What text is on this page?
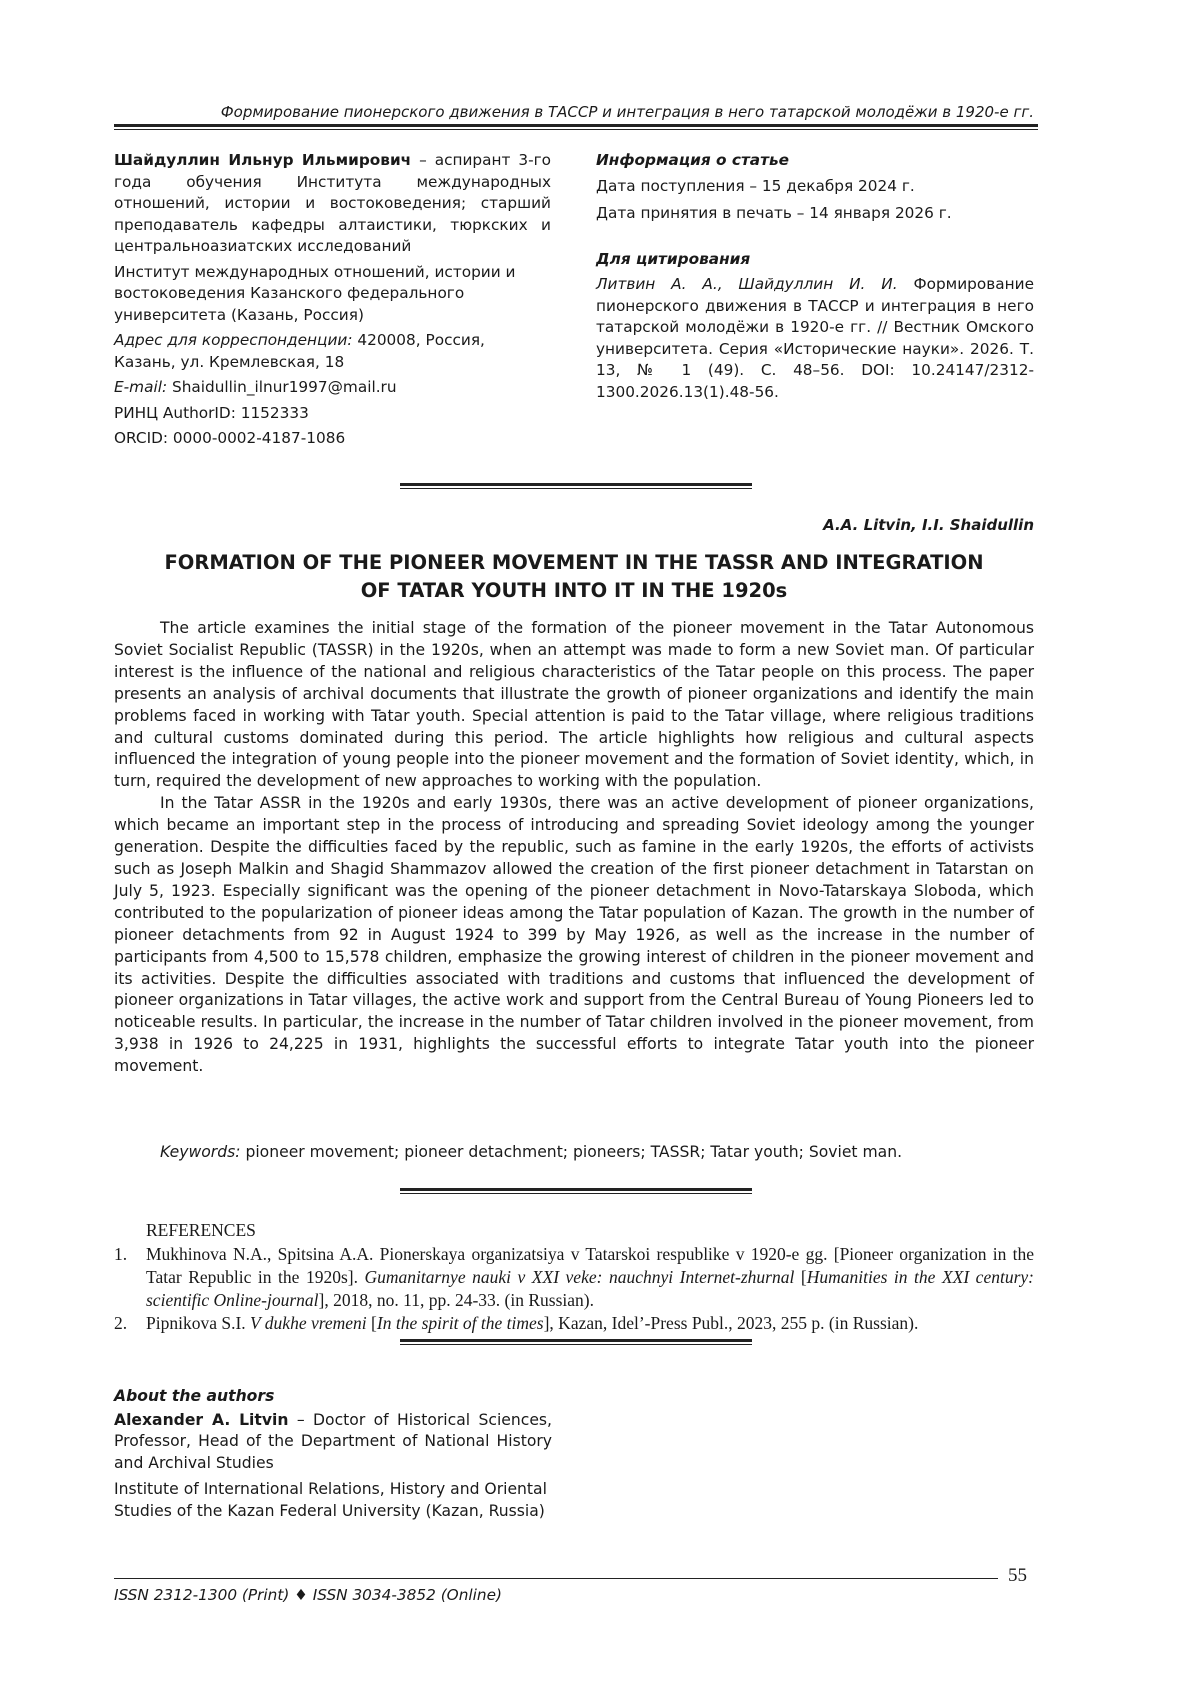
Формирование пионерского движения в ТАССР и интеграция в него татарской молодёжи в 1920-е гг.

Шайдуллин Ильнур Ильмирович – аспирант 3-го года обучения Института международных отношений, истории и востоковедения; старший преподаватель кафедры алтаистики, тюркских и центральноазиатских исследований

Институт международных отношений, истории и востоковедения Казанского федерального университета (Казань, Россия)

Адрес для корреспонденции: 420008, Россия, Казань, ул. Кремлевская, 18

E-mail: Shaidullin_ilnur1997@mail.ru

РИНЦ AuthorID: 1152333

ORCID: 0000-0002-4187-1086

Информация о статье

Дата поступления – 15 декабря 2024 г.

Дата принятия в печать – 14 января 2026 г.

Для цитирования

Литвин А. А., Шайдуллин И. И. Формирование пионерского движения в ТАССР и интеграция в него татарской молодёжи в 1920-е гг. // Вестник Омского университета. Серия «Исторические науки». 2026. Т. 13, № 1 (49). С. 48–56. DOI: 10.24147/2312-1300.2026.13(1).48-56.

A.A. Litvin, I.I. Shaidullin
FORMATION OF THE PIONEER MOVEMENT IN THE TASSR AND INTEGRATION
OF TATAR YOUTH INTO IT IN THE 1920s

The article examines the initial stage of the formation of the pioneer movement in the Tatar Autonomous Soviet Socialist Republic (TASSR) in the 1920s, when an attempt was made to form a new Soviet man. Of particular interest is the influence of the national and religious characteristics of the Tatar people on this process. The paper presents an analysis of archival documents that illustrate the growth of pioneer organizations and identify the main problems faced in working with Tatar youth. Special attention is paid to the Tatar village, where religious traditions and cultural customs dominated during this period. The article highlights how religious and cultural aspects influenced the integration of young people into the pioneer movement and the formation of Soviet identity, which, in turn, required the development of new approaches to working with the population.

In the Tatar ASSR in the 1920s and early 1930s, there was an active development of pioneer organizations, which became an important step in the process of introducing and spreading Soviet ideology among the younger generation. Despite the difficulties faced by the republic, such as famine in the early 1920s, the efforts of activists such as Joseph Malkin and Shagid Shammazov allowed the creation of the first pioneer detachment in Tatarstan on July 5, 1923. Especially significant was the opening of the pioneer detachment in Novo-Tatarskaya Sloboda, which contributed to the popularization of pioneer ideas among the Tatar population of Kazan. The growth in the number of pioneer detachments from 92 in August 1924 to 399 by May 1926, as well as the increase in the number of participants from 4,500 to 15,578 children, emphasize the growing interest of children in the pioneer movement and its activities. Despite the difficulties associated with traditions and customs that influenced the development of pioneer organizations in Tatar villages, the active work and support from the Central Bureau of Young Pioneers led to noticeable results. In particular, the increase in the number of Tatar children involved in the pioneer movement, from 3,938 in 1926 to 24,225 in 1931, highlights the successful efforts to integrate Tatar youth into the pioneer movement.

Keywords: pioneer movement; pioneer detachment; pioneers; TASSR; Tatar youth; Soviet man.
REFERENCES
1.	Mukhinova N.A., Spitsina A.A. Pionerskaya organizatsiya v Tatarskoi respublike v 1920-e gg. [Pioneer organization in the Tatar Republic in the 1920s]. Gumanitarnye nauki v XXI veke: nauchnyi Internet-zhurnal [Humanities in the XXI century: scientific Online-journal], 2018, no. 11, pp. 24-33. (in Russian).
2.	Pipnikova S.I. V dukhe vremeni [In the spirit of the times], Kazan, Idel’-Press Publ., 2023, 255 p. (in Russian).

About the authors

Alexander A. Litvin – Doctor of Historical Sciences, Professor, Head of the Department of National History and Archival Studies

Institute of International Relations, History and Oriental Studies of the Kazan Federal University (Kazan, Russia)

ISSN 2312-1300 (Print) ♦ ISSN 3034-3852 (Online)
55
